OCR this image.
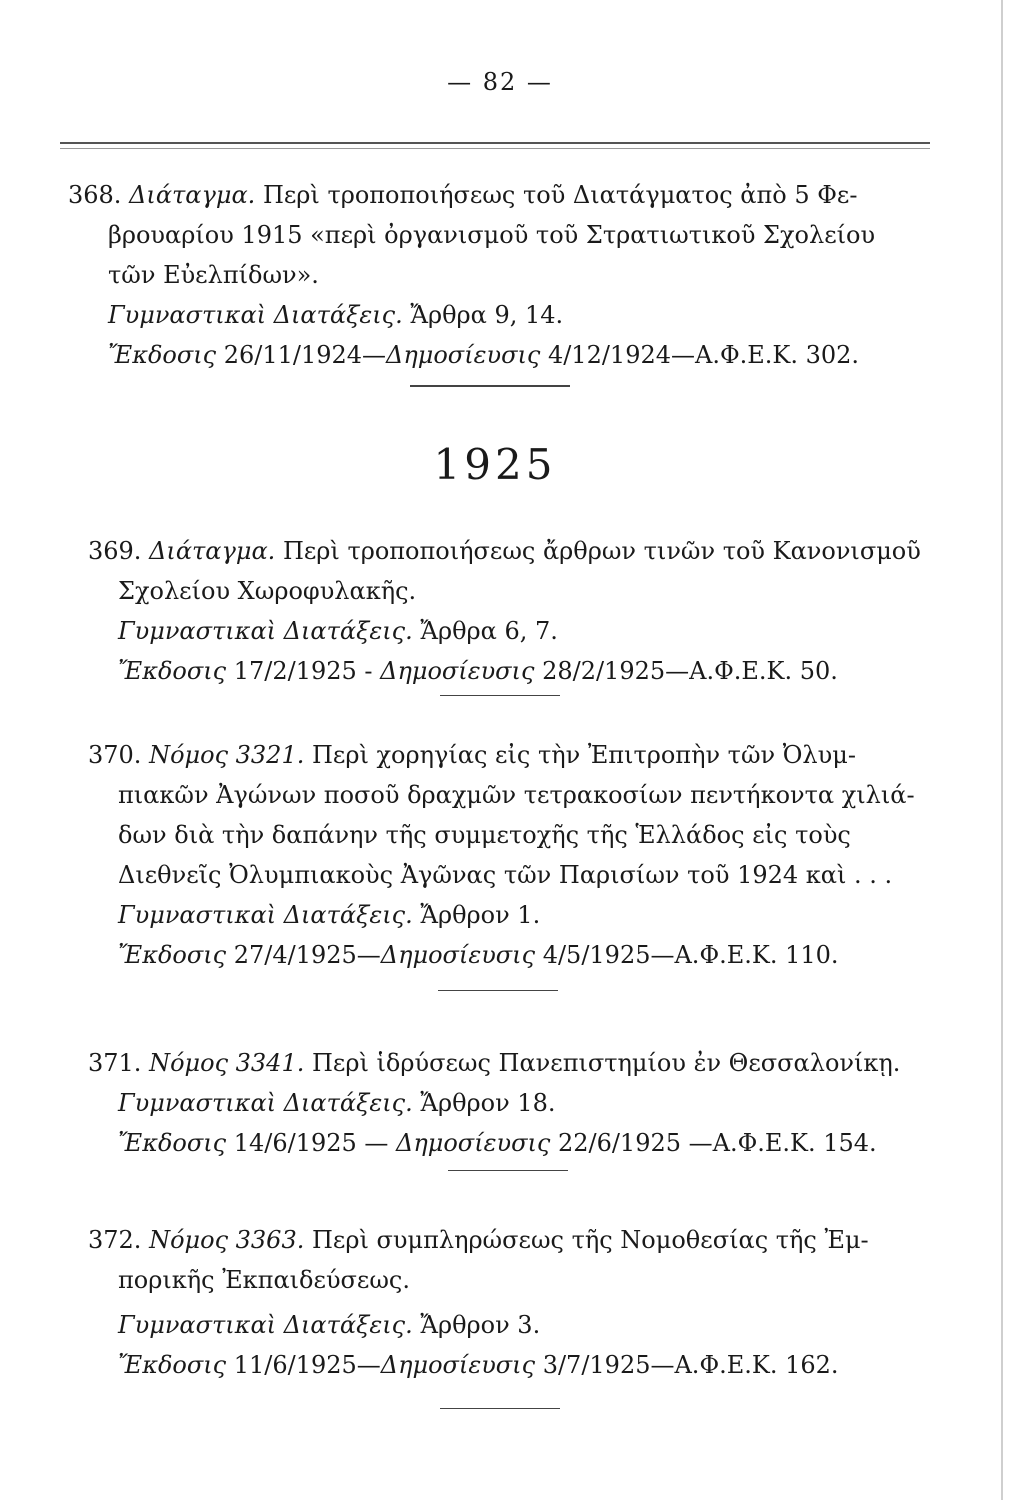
— 82 —
368. Διάταγμα. Περὶ τροποποιήσεως τοῦ Διατάγματος ἀπὸ 5 Φε-
βρουαρίου 1915 «περὶ ὀργανισμοῦ τοῦ Στρατιωτικοῦ Σχολείου
τῶν Εὐελπίδων».
Γυμναστικαὶ Διατάξεις. Ἄρθρα 9, 14.
Ἔκδοσις 26/11/1924—Δημοσίευσις 4/12/1924—Α.Φ.Ε.Κ. 302.
1925
369. Διάταγμα. Περὶ τροποποιήσεως ἄρθρων τινῶν τοῦ Κανονισμοῦ
Σχολείου Χωροφυλακῆς.
Γυμναστικαὶ Διατάξεις. Ἄρθρα 6, 7.
Ἔκδοσις 17/2/1925 - Δημοσίευσις 28/2/1925—Α.Φ.Ε.Κ. 50.
370. Νόμος 3321. Περὶ χορηγίας εἰς τὴν Ἐπιτροπὴν τῶν Ὀλυμ-
πιακῶν Ἀγώνων ποσοῦ δραχμῶν τετρακοσίων πεντήκοντα χιλιά-
δων διὰ τὴν δαπάνην τῆς συμμετοχῆς τῆς Ἑλλάδος εἰς τοὺς
Διεθνεῖς Ὀλυμπιακοὺς Ἀγῶνας τῶν Παρισίων τοῦ 1924 καὶ . . .
Γυμναστικαὶ Διατάξεις. Ἄρθρον 1.
Ἔκδοσις 27/4/1925—Δημοσίευσις 4/5/1925—Α.Φ.Ε.Κ. 110.
371. Νόμος 3341. Περὶ ἱδρύσεως Πανεπιστημίου ἐν Θεσσαλονίκῃ.
Γυμναστικαὶ Διατάξεις. Ἄρθρον 18.
Ἔκδοσις 14/6/1925 — Δημοσίευσις 22/6/1925 —Α.Φ.Ε.Κ. 154.
372. Νόμος 3363. Περὶ συμπληρώσεως τῆς Νομοθεσίας τῆς Ἐμ-
πορικῆς Ἐκπαιδεύσεως.
Γυμναστικαὶ Διατάξεις. Ἄρθρον 3.
Ἔκδοσις 11/6/1925—Δημοσίευσις 3/7/1925—Α.Φ.Ε.Κ. 162.
